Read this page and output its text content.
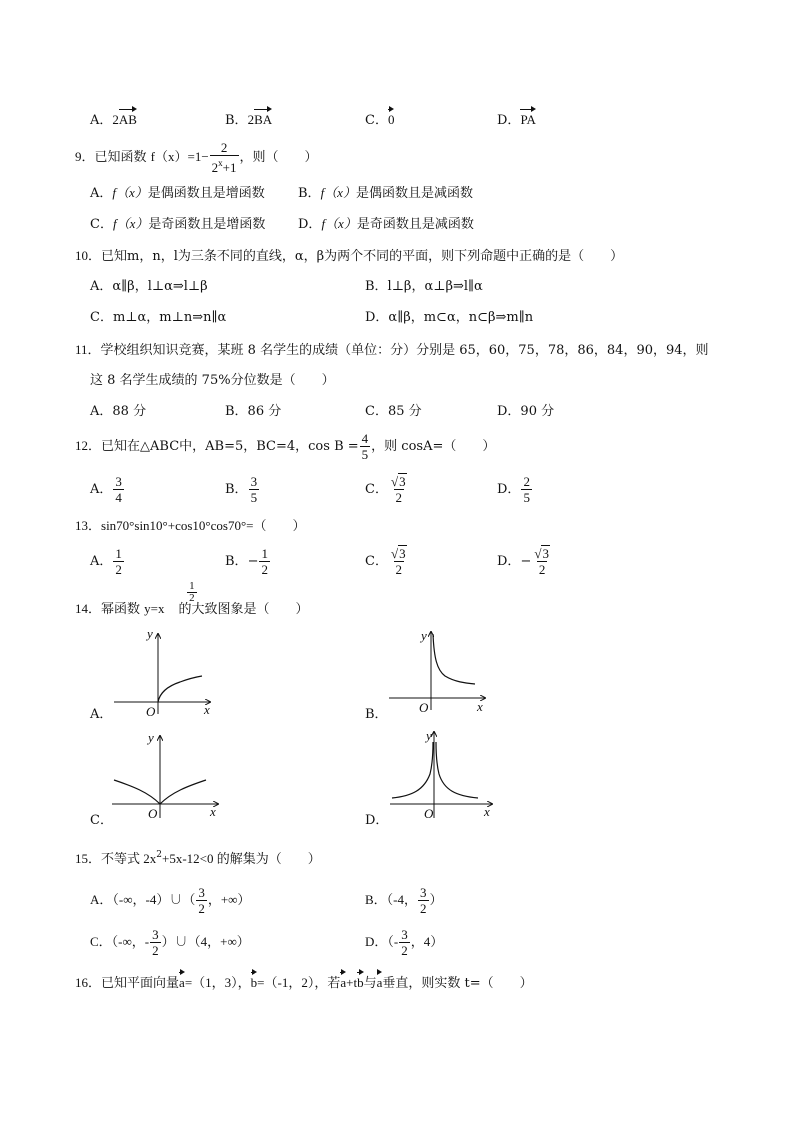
A．2AB	B．2BA	C．0	D．PA
9．已知函数 $f(x)=1- \frac{2}{2^x+1}$ ，则（　　）
A．f（x）是偶函数且是增函数	B．f（x）是偶函数且是减函数
C．f（x）是奇函数且是增函数	D．f（x）是奇函数且是减函数
10．已知m，n，l为三条不同的直线，α，β为两个不同的平面，则下列命题中正确的是（　　）
A．α∥β，l⊥α⇒l⊥β	B．l⊥β，α⊥β⇒l∥α
C．m⊥α，m⊥n⇒n∥α	D．α∥β，m⊂α，n⊂β⇒m∥n
11．学校组织知识竞赛，某班 8 名学生的成绩（单位：分）分别是 65，60，75，78，86，84，90，94，则
这 8 名学生成绩的 75%分位数是（　　）
A．88 分	B．86 分	C．85 分	D．90 分
12．已知在△ABC中，AB=5，BC=4，$\cos B = \frac{4}{5}$ ，则 cosA=（　　）
A． $\frac{3}{4}$	B． $\frac{3}{5}$	C． $\frac{√3}{2}$	D． $\frac{2}{5}$
13．sin70°sin10°+cos10°cos70°=（　　）
A． $\frac{1}{2}$	B．− $\frac{1}{2}$	C． $\frac{√3}{2}$	D．− $\frac{√3}{2}$
14．幂函数 y=x
$\frac{1}{2}$
的大致图象是（　　）
A．
y
x
O	B．
y
x
O
C．
y
x
O	D．
y
x
O
15．不等式 $2x^2+5x-12<0$ 的解集为（　　）
A．（-∞，-4）∪（ $\frac{3}{2}$ ，+∞）	B．（-4， $\frac{3}{2}$ ）
C．（-∞，- $\frac{3}{2}$ ）∪（4，+∞）	D．（- $\frac{3}{2}$ ，4）
16．已知平面向量a=（1，3），b=（-1，2），若a+tb与a垂直，则实数 t=（　　）
